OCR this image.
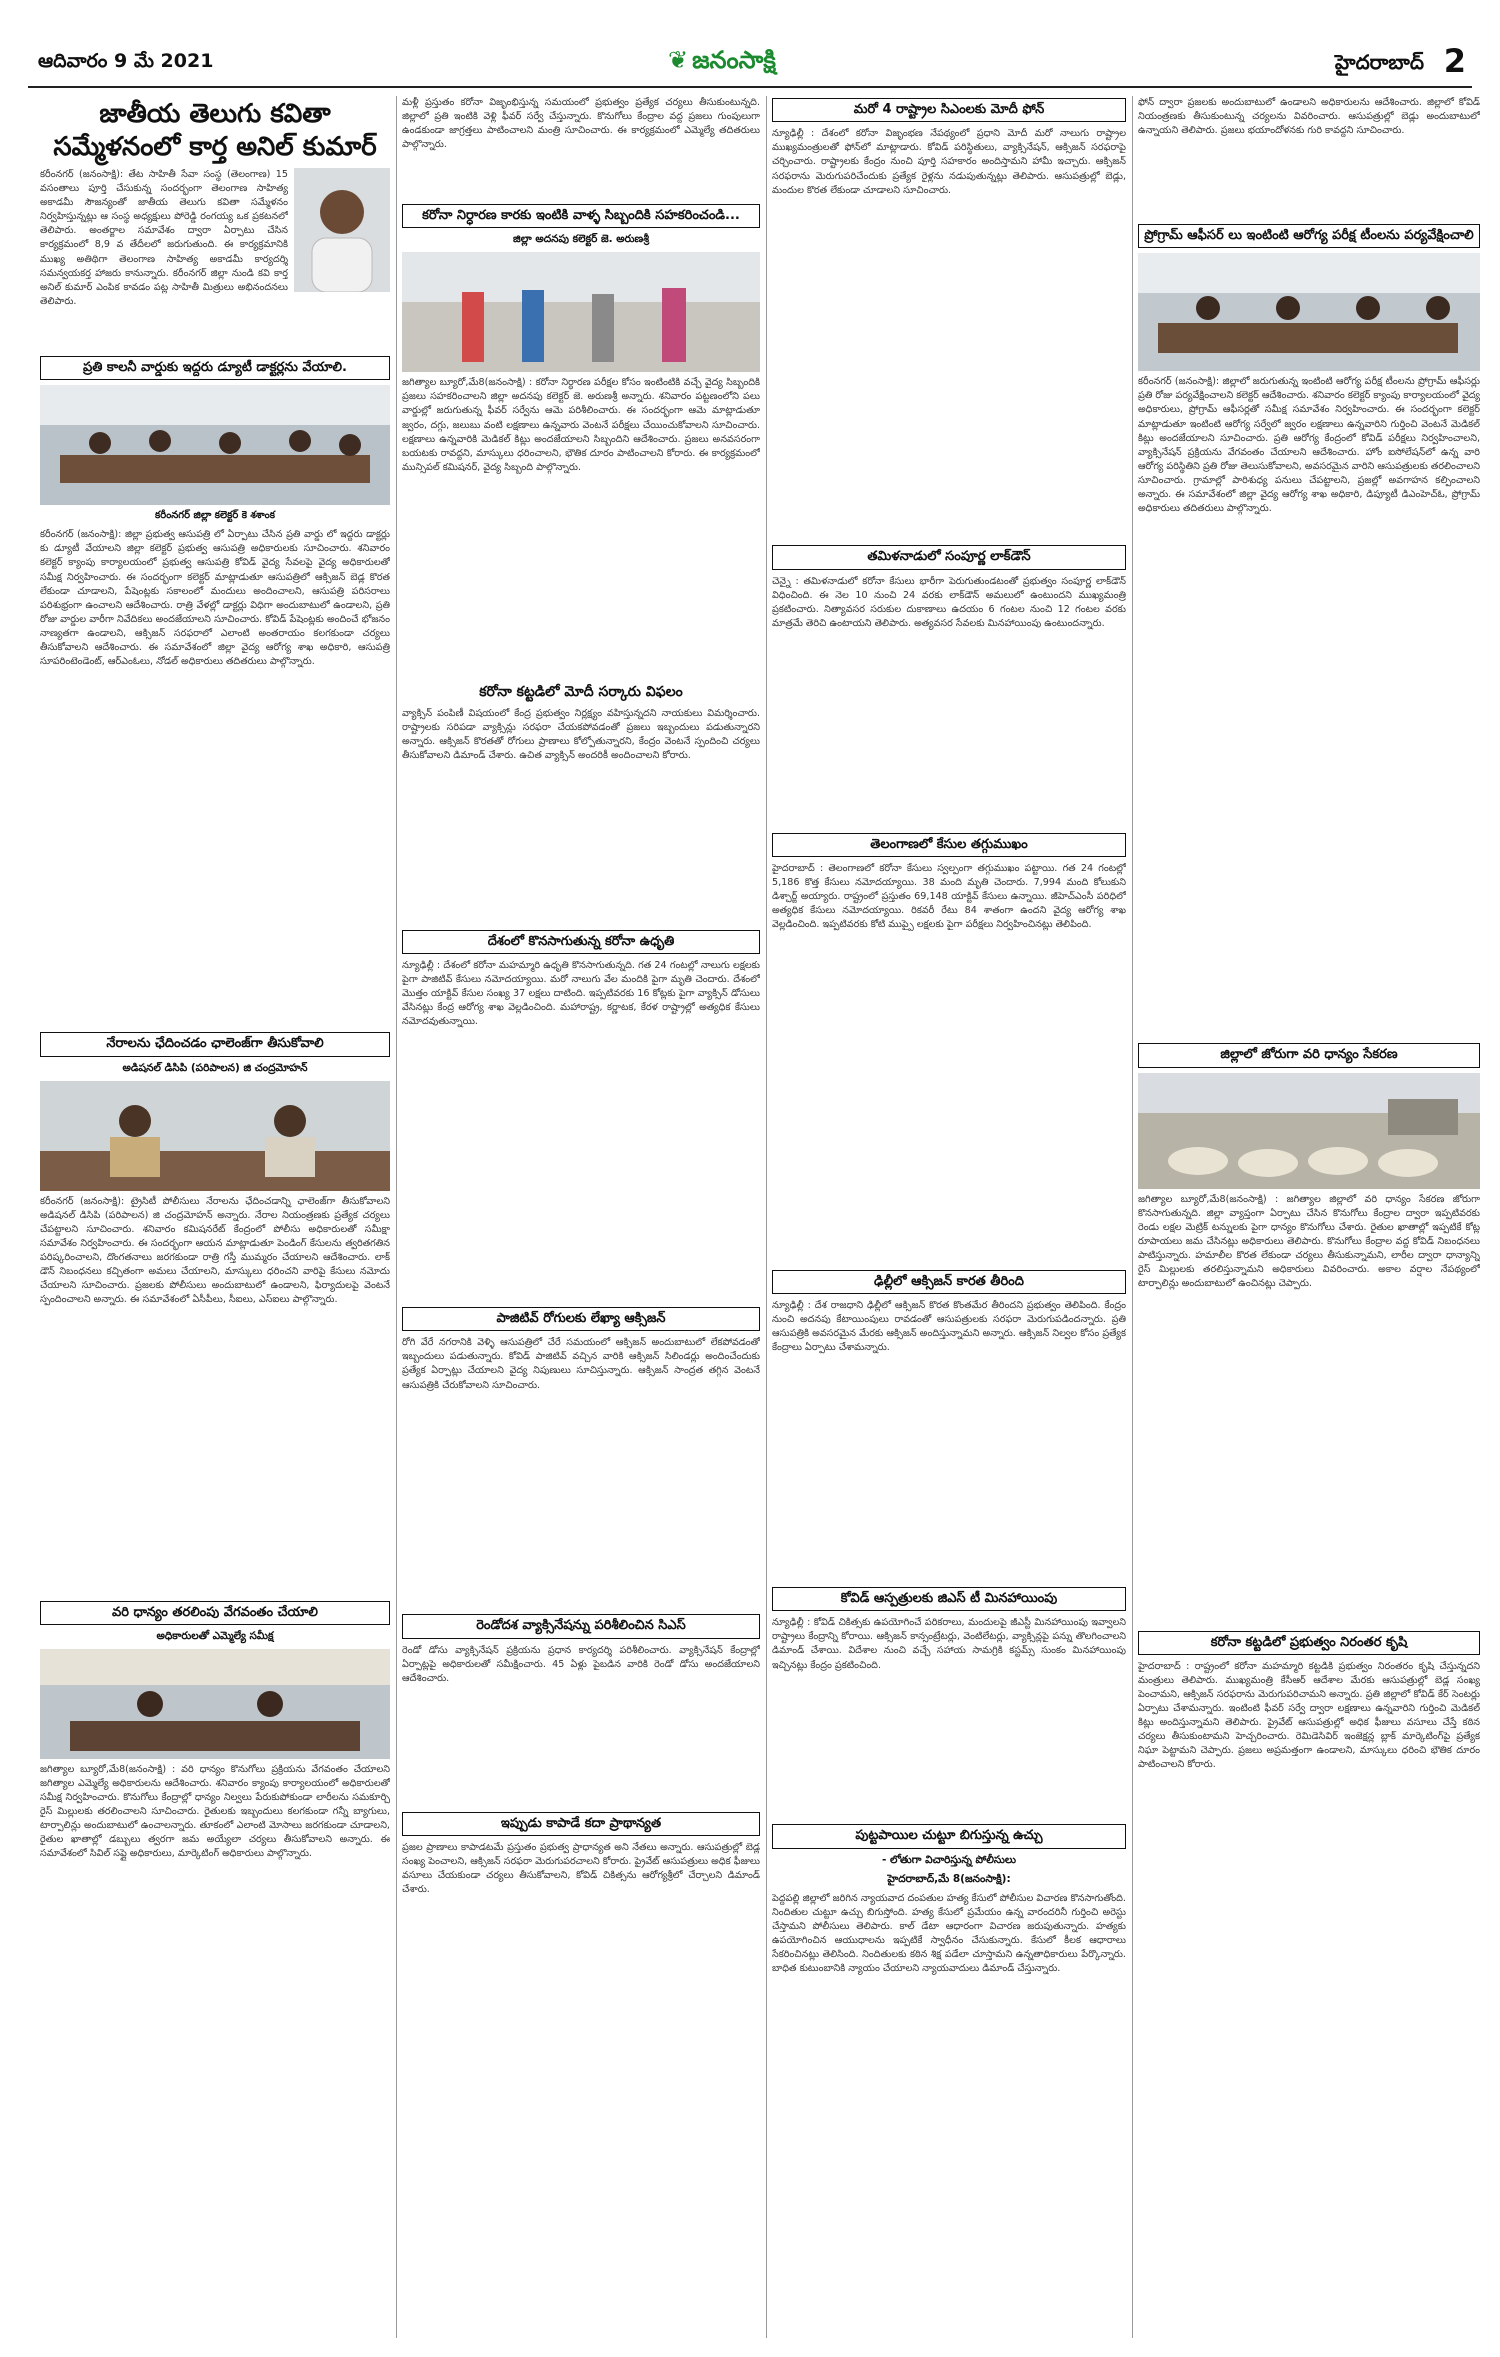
ఆదివారం 9 మే 2021	❦ జనంసాక్షి	హైదరాబాద్ 2
జాతీయ తెలుగు కవితా సమ్మేళనంలో కార్త అనిల్ కుమార్

కరీంనగర్ (జనంసాక్షి): తేట సాహితీ సేవా సంస్థ (తెలంగాణ) 15 వసంతాలు పూర్తి చేసుకున్న సందర్భంగా తెలంగాణ సాహిత్య అకాడమీ సౌజన్యంతో జాతీయ తెలుగు కవితా సమ్మేళనం నిర్వహిస్తున్నట్లు ఆ సంస్థ అధ్యక్షులు పోరెడ్డి రంగయ్య ఒక ప్రకటనలో తెలిపారు. అంతర్జాల సమావేశం ద్వారా ఏర్పాటు చేసిన కార్యక్రమంలో 8,9 వ తేదీలలో జరుగుతుంది. ఈ కార్యక్రమానికి ముఖ్య అతిథిగా తెలంగాణ సాహిత్య అకాడమీ కార్యదర్శి సమన్వయకర్త హాజరు కానున్నారు. కరీంనగర్ జిల్లా నుండి కవి కార్త అనిల్ కుమార్ ఎంపిక కావడం పట్ల సాహితీ మిత్రులు అభినందనలు తెలిపారు.

ప్రతి కాలనీ వార్డుకు ఇద్దరు డ్యూటీ డాక్టర్లను వేయాలి.
కరీంనగర్ జిల్లా కలెక్టర్ కె శశాంక

కరీంనగర్ (జనంసాక్షి): జిల్లా ప్రభుత్వ ఆసుపత్రి లో ఏర్పాటు చేసిన ప్రతి వార్డు లో ఇద్దరు డాక్టర్లు కు డ్యూటీ వేయాలని జిల్లా కలెక్టర్ ప్రభుత్వ ఆసుపత్రి అధికారులకు సూచించారు. శనివారం కలెక్టర్ క్యాంపు కార్యాలయంలో ప్రభుత్వ ఆసుపత్రి కోవిడ్ వైద్య సేవలపై వైద్య అధికారులతో సమీక్ష నిర్వహించారు. ఈ సందర్భంగా కలెక్టర్ మాట్లాడుతూ ఆసుపత్రిలో ఆక్సిజన్ బెడ్ల కొరత లేకుండా చూడాలని, పేషెంట్లకు సకాలంలో మందులు అందించాలని, ఆసుపత్రి పరిసరాలు పరిశుభ్రంగా ఉంచాలని ఆదేశించారు. రాత్రి వేళల్లో డాక్టర్లు విధిగా అందుబాటులో ఉండాలని, ప్రతి రోజు వార్డుల వారీగా నివేదికలు అందజేయాలని సూచించారు. కోవిడ్ పేషెంట్లకు అందించే భోజనం నాణ్యతగా ఉండాలని, ఆక్సిజన్ సరఫరాలో ఎలాంటి అంతరాయం కలగకుండా చర్యలు తీసుకోవాలని ఆదేశించారు. ఈ సమావేశంలో జిల్లా వైద్య ఆరోగ్య శాఖ అధికారి, ఆసుపత్రి సూపరింటెండెంట్, ఆర్ఎంఓలు, నోడల్ అధికారులు తదితరులు పాల్గొన్నారు.

నేరాలను ఛేదించడం ఛాలెంజ్‌గా తీసుకోవాలి
అడిషనల్ డిసిపి (పరిపాలన) జి చంద్రమోహన్

కరీంనగర్ (జనంసాక్షి): ట్రైసిటీ పోలీసులు నేరాలను ఛేదించడాన్ని ఛాలెంజ్‌గా తీసుకోవాలని అడిషనల్ డిసిపి (పరిపాలన) జి చంద్రమోహన్ అన్నారు. నేరాల నియంత్రణకు ప్రత్యేక చర్యలు చేపట్టాలని సూచించారు. శనివారం కమిషనరేట్ కేంద్రంలో పోలీసు అధికారులతో సమీక్షా సమావేశం నిర్వహించారు. ఈ సందర్భంగా ఆయన మాట్లాడుతూ పెండింగ్ కేసులను త్వరితగతిన పరిష్కరించాలని, దొంగతనాలు జరగకుండా రాత్రి గస్తీ ముమ్మరం చేయాలని ఆదేశించారు. లాక్ డౌన్ నిబంధనలు కచ్చితంగా అమలు చేయాలని, మాస్కులు ధరించని వారిపై కేసులు నమోదు చేయాలని సూచించారు. ప్రజలకు పోలీసులు అందుబాటులో ఉండాలని, ఫిర్యాదులపై వెంటనే స్పందించాలని అన్నారు. ఈ సమావేశంలో ఏసీపీలు, సీఐలు, ఎస్ఐలు పాల్గొన్నారు.

వరి ధాన్యం తరలింపు వేగవంతం చేయాలి
అధికారులతో ఎమ్మెల్యే సమీక్ష

జగిత్యాల బ్యూరో,మే8(జనంసాక్షి) : వరి ధాన్యం కొనుగోలు ప్రక్రియను వేగవంతం చేయాలని జగిత్యాల ఎమ్మెల్యే అధికారులను ఆదేశించారు. శనివారం క్యాంపు కార్యాలయంలో అధికారులతో సమీక్ష నిర్వహించారు. కొనుగోలు కేంద్రాల్లో ధాన్యం నిల్వలు పేరుకుపోకుండా లారీలను సమకూర్చి రైస్ మిల్లులకు తరలించాలని సూచించారు. రైతులకు ఇబ్బందులు కలగకుండా గన్నీ బ్యాగులు, టార్పాలిన్లు అందుబాటులో ఉంచాలన్నారు. తూకంలో ఎలాంటి మోసాలు జరగకుండా చూడాలని, రైతుల ఖాతాల్లో డబ్బులు త్వరగా జమ అయ్యేలా చర్యలు తీసుకోవాలని అన్నారు. ఈ సమావేశంలో సివిల్ సప్లై అధికారులు, మార్కెటింగ్ అధికారులు పాల్గొన్నారు.

మళ్లీ ప్రస్తుతం కరోనా విజృంభిస్తున్న సమయంలో ప్రభుత్వం ప్రత్యేక చర్యలు తీసుకుంటున్నది. జిల్లాలో ప్రతి ఇంటికి వెళ్లి ఫీవర్ సర్వే చేస్తున్నారు. కొనుగోలు కేంద్రాల వద్ద ప్రజలు గుంపులుగా ఉండకుండా జాగ్రత్తలు పాటించాలని మంత్రి సూచించారు. ఈ కార్యక్రమంలో ఎమ్మెల్యే తదితరులు పాల్గొన్నారు.

కరోనా నిర్ధారణ కారకు ఇంటికి వాళ్ళ సిబ్బందికి సహకరించండి...
జిల్లా అదనపు కలెక్టర్ జె. అరుణశ్రీ

జగిత్యాల బ్యూరో,మే8(జనంసాక్షి) : కరోనా నిర్ధారణ పరీక్షల కోసం ఇంటింటికి వచ్చే వైద్య సిబ్బందికి ప్రజలు సహకరించాలని జిల్లా అదనపు కలెక్టర్ జె. అరుణశ్రీ అన్నారు. శనివారం పట్టణంలోని పలు వార్డుల్లో జరుగుతున్న ఫీవర్ సర్వేను ఆమె పరిశీలించారు. ఈ సందర్భంగా ఆమె మాట్లాడుతూ జ్వరం, దగ్గు, జలుబు వంటి లక్షణాలు ఉన్నవారు వెంటనే పరీక్షలు చేయించుకోవాలని సూచించారు. లక్షణాలు ఉన్నవారికి మెడికల్ కిట్లు అందజేయాలని సిబ్బందిని ఆదేశించారు. ప్రజలు అనవసరంగా బయటకు రావద్దని, మాస్కులు ధరించాలని, భౌతిక దూరం పాటించాలని కోరారు. ఈ కార్యక్రమంలో మున్సిపల్ కమిషనర్, వైద్య సిబ్బంది పాల్గొన్నారు.

కరోనా కట్టడిలో మోదీ సర్కారు విఫలం

వ్యాక్సిన్ పంపిణీ విషయంలో కేంద్ర ప్రభుత్వం నిర్లక్ష్యం వహిస్తున్నదని నాయకులు విమర్శించారు. రాష్ట్రాలకు సరిపడా వ్యాక్సిన్లు సరఫరా చేయకపోవడంతో ప్రజలు ఇబ్బందులు పడుతున్నారని అన్నారు. ఆక్సిజన్ కొరతతో రోగులు ప్రాణాలు కోల్పోతున్నారని, కేంద్రం వెంటనే స్పందించి చర్యలు తీసుకోవాలని డిమాండ్ చేశారు. ఉచిత వ్యాక్సిన్ అందరికీ అందించాలని కోరారు.

దేశంలో కొనసాగుతున్న కరోనా ఉధృతి

న్యూఢిల్లీ : దేశంలో కరోనా మహమ్మారి ఉధృతి కొనసాగుతున్నది. గత 24 గంటల్లో నాలుగు లక్షలకు పైగా పాజిటివ్ కేసులు నమోదయ్యాయి. మరో నాలుగు వేల మందికి పైగా మృతి చెందారు. దేశంలో మొత్తం యాక్టివ్ కేసుల సంఖ్య 37 లక్షలు దాటింది. ఇప్పటివరకు 16 కోట్లకు పైగా వ్యాక్సిన్ డోసులు వేసినట్లు కేంద్ర ఆరోగ్య శాఖ వెల్లడించింది. మహారాష్ట్ర, కర్ణాటక, కేరళ రాష్ట్రాల్లో అత్యధిక కేసులు నమోదవుతున్నాయి.

పాజిటివ్ రోగులకు లేఖ్యా ఆక్సిజన్

రోగి వేరే నగరానికి వెళ్ళి ఆసుపత్రిలో చేరే సమయంలో ఆక్సిజన్ అందుబాటులో లేకపోవడంతో ఇబ్బందులు పడుతున్నారు. కోవిడ్ పాజిటివ్ వచ్చిన వారికి ఆక్సిజన్ సిలిండర్లు అందించేందుకు ప్రత్యేక ఏర్పాట్లు చేయాలని వైద్య నిపుణులు సూచిస్తున్నారు. ఆక్సిజన్ సాంద్రత తగ్గిన వెంటనే ఆసుపత్రికి చేరుకోవాలని సూచించారు.

రెండోదశ వ్యాక్సినేషన్ను పరిశీలించిన సిఎస్

రెండో డోసు వ్యాక్సినేషన్ ప్రక్రియను ప్రధాన కార్యదర్శి పరిశీలించారు. వ్యాక్సినేషన్ కేంద్రాల్లో ఏర్పాట్లపై అధికారులతో సమీక్షించారు. 45 ఏళ్లు పైబడిన వారికి రెండో డోసు అందజేయాలని ఆదేశించారు.

ఇప్పుడు కాపాడే కదా ప్రాథాన్యత

ప్రజల ప్రాణాలు కాపాడటమే ప్రస్తుతం ప్రభుత్వ ప్రాధాన్యత అని నేతలు అన్నారు. ఆసుపత్రుల్లో బెడ్ల సంఖ్య పెంచాలని, ఆక్సిజన్ సరఫరా మెరుగుపరచాలని కోరారు. ప్రైవేట్ ఆసుపత్రులు అధిక ఫీజులు వసూలు చేయకుండా చర్యలు తీసుకోవాలని, కోవిడ్ చికిత్సను ఆరోగ్యశ్రీలో చేర్చాలని డిమాండ్ చేశారు.

మరో 4 రాష్ట్రాల సిఎంలకు మోదీ ఫోన్

న్యూఢిల్లీ : దేశంలో కరోనా విజృంభణ నేపథ్యంలో ప్రధాని మోదీ మరో నాలుగు రాష్ట్రాల ముఖ్యమంత్రులతో ఫోన్‌లో మాట్లాడారు. కోవిడ్ పరిస్థితులు, వ్యాక్సినేషన్, ఆక్సిజన్ సరఫరాపై చర్చించారు. రాష్ట్రాలకు కేంద్రం నుంచి పూర్తి సహకారం అందిస్తామని హామీ ఇచ్చారు. ఆక్సిజన్ సరఫరాను మెరుగుపరిచేందుకు ప్రత్యేక రైళ్లను నడుపుతున్నట్లు తెలిపారు. ఆసుపత్రుల్లో బెడ్లు, మందుల కొరత లేకుండా చూడాలని సూచించారు.

తమిళనాడులో సంపూర్ణ లాక్‌డౌన్

చెన్నై : తమిళనాడులో కరోనా కేసులు భారీగా పెరుగుతుండటంతో ప్రభుత్వం సంపూర్ణ లాక్‌డౌన్ విధించింది. ఈ నెల 10 నుంచి 24 వరకు లాక్‌డౌన్ అమలులో ఉంటుందని ముఖ్యమంత్రి ప్రకటించారు. నిత్యావసర సరుకుల దుకాణాలు ఉదయం 6 గంటల నుంచి 12 గంటల వరకు మాత్రమే తెరిచి ఉంటాయని తెలిపారు. అత్యవసర సేవలకు మినహాయింపు ఉంటుందన్నారు.

తెలంగాణలో కేసుల తగ్గుముఖం

హైదరాబాద్ : తెలంగాణలో కరోనా కేసులు స్వల్పంగా తగ్గుముఖం పట్టాయి. గత 24 గంటల్లో 5,186 కొత్త కేసులు నమోదయ్యాయి. 38 మంది మృతి చెందారు. 7,994 మంది కోలుకుని డిశ్చార్జ్ అయ్యారు. రాష్ట్రంలో ప్రస్తుతం 69,148 యాక్టివ్ కేసులు ఉన్నాయి. జీహెచ్ఎంసీ పరిధిలో అత్యధిక కేసులు నమోదయ్యాయి. రికవరీ రేటు 84 శాతంగా ఉందని వైద్య ఆరోగ్య శాఖ వెల్లడించింది. ఇప్పటివరకు కోటి ముప్పై లక్షలకు పైగా పరీక్షలు నిర్వహించినట్లు తెలిపింది.

ఢిల్లీలో ఆక్సిజన్ కారత తీరింది

న్యూఢిల్లీ : దేశ రాజధాని ఢిల్లీలో ఆక్సిజన్ కొరత కొంతమేర తీరిందని ప్రభుత్వం తెలిపింది. కేంద్రం నుంచి అదనపు కేటాయింపులు రావడంతో ఆసుపత్రులకు సరఫరా మెరుగుపడిందన్నారు. ప్రతి ఆసుపత్రికి అవసరమైన మేరకు ఆక్సిజన్ అందిస్తున్నామని అన్నారు. ఆక్సిజన్ నిల్వల కోసం ప్రత్యేక కేంద్రాలు ఏర్పాటు చేశామన్నారు.

కోవిడ్ ఆస్పత్రులకు జిఎస్ టీ మినహాయింపు

న్యూఢిల్లీ : కోవిడ్ చికిత్సకు ఉపయోగించే పరికరాలు, మందులపై జీఎస్టీ మినహాయింపు ఇవ్వాలని రాష్ట్రాలు కేంద్రాన్ని కోరాయి. ఆక్సిజన్ కాన్సంట్రేటర్లు, వెంటిలేటర్లు, వ్యాక్సిన్లపై పన్ను తొలగించాలని డిమాండ్ చేశాయి. విదేశాల నుంచి వచ్చే సహాయ సామగ్రికి కస్టమ్స్ సుంకం మినహాయింపు ఇచ్చినట్లు కేంద్రం ప్రకటించింది.

పుట్టపాయిల చుట్టూ బిగుస్తున్న ఉచ్చు
- లోతుగా విచారిస్తున్న పోలీసులు
హైదరాబాద్,మే 8(జనంసాక్షి):

పెద్దపల్లి జిల్లాలో జరిగిన న్యాయవాద దంపతుల హత్య కేసులో పోలీసుల విచారణ కొనసాగుతోంది. నిందితుల చుట్టూ ఉచ్చు బిగుస్తోంది. హత్య కేసులో ప్రమేయం ఉన్న వారందరినీ గుర్తించి అరెస్టు చేస్తామని పోలీసులు తెలిపారు. కాల్ డేటా ఆధారంగా విచారణ జరుపుతున్నారు. హత్యకు ఉపయోగించిన ఆయుధాలను ఇప్పటికే స్వాధీనం చేసుకున్నారు. కేసులో కీలక ఆధారాలు సేకరించినట్లు తెలిసింది. నిందితులకు కఠిన శిక్ష పడేలా చూస్తామని ఉన్నతాధికారులు పేర్కొన్నారు. బాధిత కుటుంబానికి న్యాయం చేయాలని న్యాయవాదులు డిమాండ్ చేస్తున్నారు.

ఫోన్ ద్వారా ప్రజలకు అందుబాటులో ఉండాలని అధికారులను ఆదేశించారు. జిల్లాలో కోవిడ్ నియంత్రణకు తీసుకుంటున్న చర్యలను వివరించారు. ఆసుపత్రుల్లో బెడ్లు అందుబాటులో ఉన్నాయని తెలిపారు. ప్రజలు భయాందోళనకు గురి కావద్దని సూచించారు.

ప్రోగ్రామ్ ఆఫీసర్ లు ఇంటింటి ఆరోగ్య పరీక్ష టీంలను పర్యవేక్షించాలి

కరీంనగర్ (జనంసాక్షి): జిల్లాలో జరుగుతున్న ఇంటింటి ఆరోగ్య పరీక్ష టీంలను ప్రోగ్రామ్ ఆఫీసర్లు ప్రతి రోజు పర్యవేక్షించాలని కలెక్టర్ ఆదేశించారు. శనివారం కలెక్టర్ క్యాంపు కార్యాలయంలో వైద్య అధికారులు, ప్రోగ్రామ్ ఆఫీసర్లతో సమీక్ష సమావేశం నిర్వహించారు. ఈ సందర్భంగా కలెక్టర్ మాట్లాడుతూ ఇంటింటి ఆరోగ్య సర్వేలో జ్వరం లక్షణాలు ఉన్నవారిని గుర్తించి వెంటనే మెడికల్ కిట్లు అందజేయాలని సూచించారు. ప్రతి ఆరోగ్య కేంద్రంలో కోవిడ్ పరీక్షలు నిర్వహించాలని, వ్యాక్సినేషన్ ప్రక్రియను వేగవంతం చేయాలని ఆదేశించారు. హోం ఐసోలేషన్‌లో ఉన్న వారి ఆరోగ్య పరిస్థితిని ప్రతి రోజు తెలుసుకోవాలని, అవసరమైన వారిని ఆసుపత్రులకు తరలించాలని సూచించారు. గ్రామాల్లో పారిశుధ్య పనులు చేపట్టాలని, ప్రజల్లో అవగాహన కల్పించాలని అన్నారు. ఈ సమావేశంలో జిల్లా వైద్య ఆరోగ్య శాఖ అధికారి, డిప్యూటీ డిఎంహెచ్ఓ, ప్రోగ్రామ్ అధికారులు తదితరులు పాల్గొన్నారు.

జిల్లాలో జోరుగా వరి ధాన్యం సేకరణ

జగిత్యాల బ్యూరో,మే8(జనంసాక్షి) : జగిత్యాల జిల్లాలో వరి ధాన్యం సేకరణ జోరుగా కొనసాగుతున్నది. జిల్లా వ్యాప్తంగా ఏర్పాటు చేసిన కొనుగోలు కేంద్రాల ద్వారా ఇప్పటివరకు రెండు లక్షల మెట్రిక్ టన్నులకు పైగా ధాన్యం కొనుగోలు చేశారు. రైతుల ఖాతాల్లో ఇప్పటికే కోట్ల రూపాయలు జమ చేసినట్లు అధికారులు తెలిపారు. కొనుగోలు కేంద్రాల వద్ద కోవిడ్ నిబంధనలు పాటిస్తున్నారు. హమాలీల కొరత లేకుండా చర్యలు తీసుకున్నామని, లారీల ద్వారా ధాన్యాన్ని రైస్ మిల్లులకు తరలిస్తున్నామని అధికారులు వివరించారు. అకాల వర్షాల నేపథ్యంలో టార్పాలిన్లు అందుబాటులో ఉంచినట్లు చెప్పారు.

కరోనా కట్టడిలో ప్రభుత్వం నిరంతర కృషి

హైదరాబాద్ : రాష్ట్రంలో కరోనా మహమ్మారి కట్టడికి ప్రభుత్వం నిరంతరం కృషి చేస్తున్నదని మంత్రులు తెలిపారు. ముఖ్యమంత్రి కేసీఆర్ ఆదేశాల మేరకు ఆసుపత్రుల్లో బెడ్ల సంఖ్య పెంచామని, ఆక్సిజన్ సరఫరాను మెరుగుపరిచామని అన్నారు. ప్రతి జిల్లాలో కోవిడ్ కేర్ సెంటర్లు ఏర్పాటు చేశామన్నారు. ఇంటింటి ఫీవర్ సర్వే ద్వారా లక్షణాలు ఉన్నవారిని గుర్తించి మెడికల్ కిట్లు అందిస్తున్నామని తెలిపారు. ప్రైవేట్ ఆసుపత్రుల్లో అధిక ఫీజులు వసూలు చేస్తే కఠిన చర్యలు తీసుకుంటామని హెచ్చరించారు. రెమిడెసివిర్ ఇంజెక్షన్ల బ్లాక్ మార్కెటింగ్‌పై ప్రత్యేక నిఘా పెట్టామని చెప్పారు. ప్రజలు అప్రమత్తంగా ఉండాలని, మాస్కులు ధరించి భౌతిక దూరం పాటించాలని కోరారు.
